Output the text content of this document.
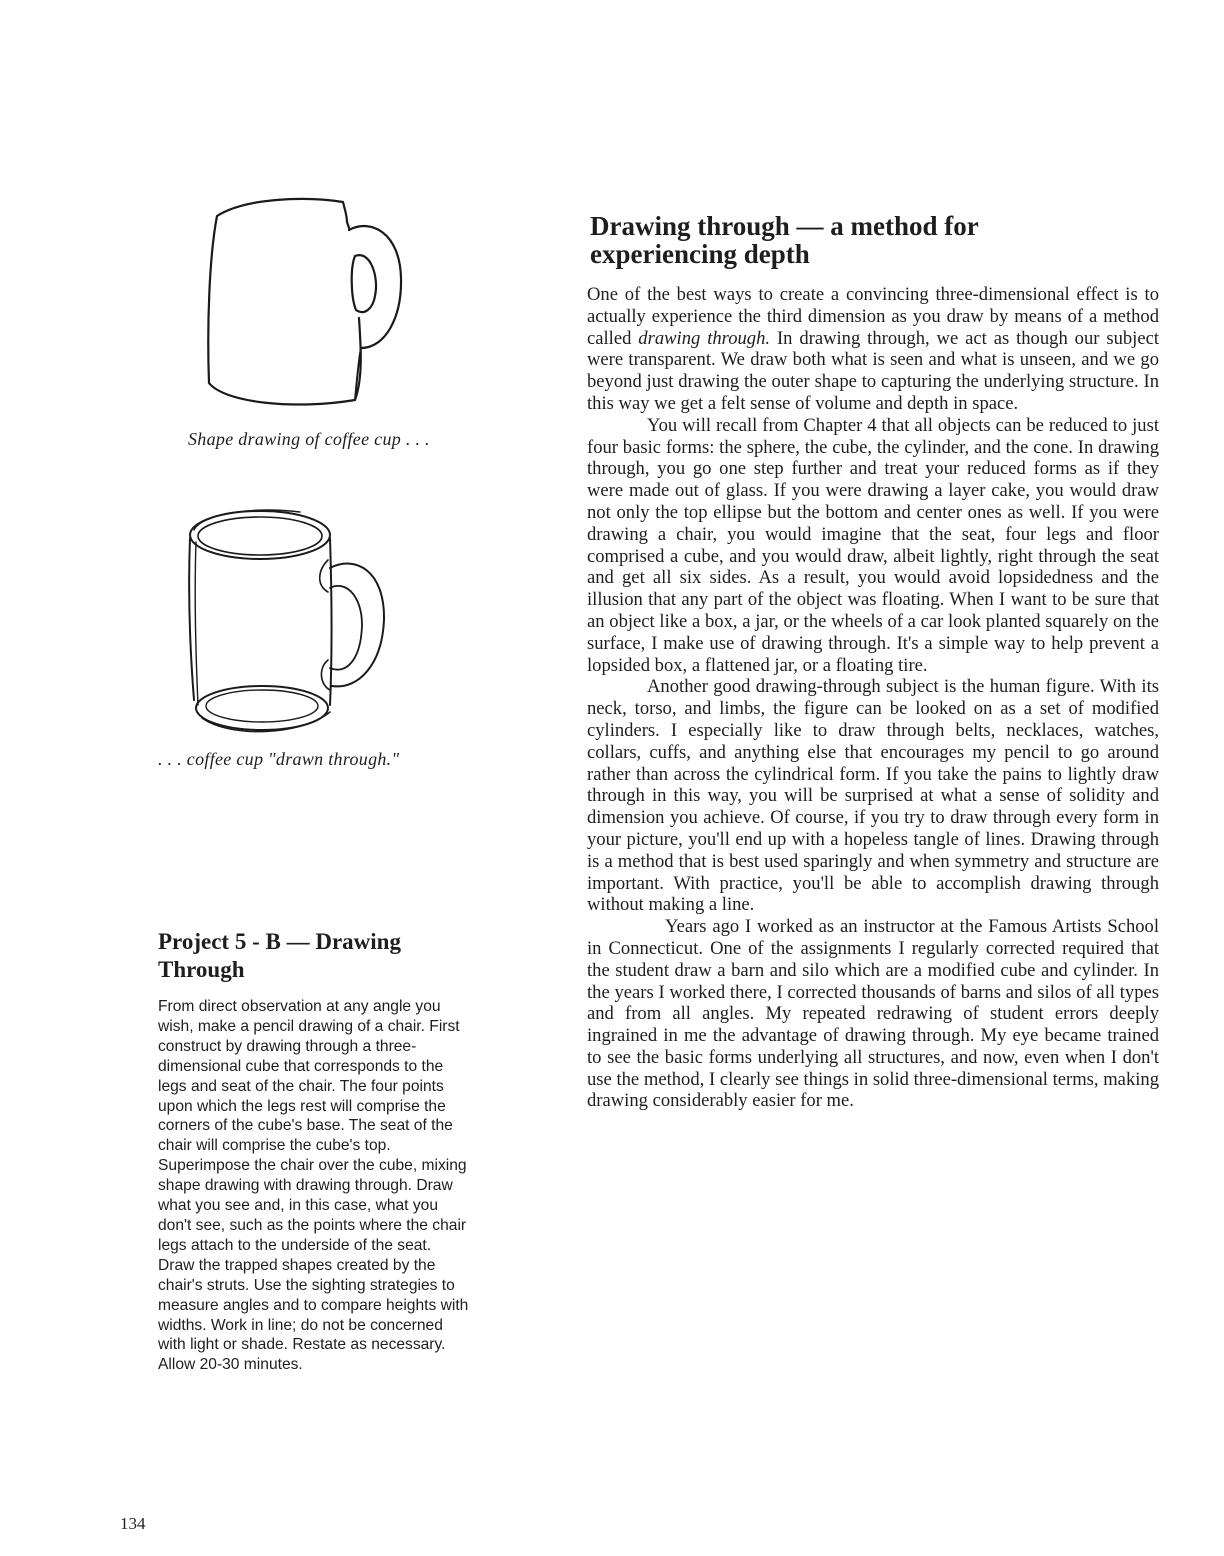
Shape drawing of coffee cup . . .
. . . coffee cup "drawn through."
Drawing through — a method for
experiencing depth

One of the best ways to create a convincing three-dimensional effect is to actually experience the third dimension as you draw by means of a method called drawing through. In drawing through, we act as though our subject were transparent. We draw both what is seen and what is unseen, and we go beyond just drawing the outer shape to capturing the underlying structure. In this way we get a felt sense of volume and depth in space.

You will recall from Chapter 4 that all objects can be reduced to just four basic forms: the sphere, the cube, the cylinder, and the cone. In drawing through, you go one step further and treat your reduced forms as if they were made out of glass. If you were drawing a layer cake, you would draw not only the top ellipse but the bottom and center ones as well. If you were drawing a chair, you would imagine that the seat, four legs and floor comprised a cube, and you would draw, albeit lightly, right through the seat and get all six sides. As a result, you would avoid lopsidedness and the illusion that any part of the object was floating. When I want to be sure that an object like a box, a jar, or the wheels of a car look planted squarely on the surface, I make use of drawing through. It's a simple way to help prevent a lopsided box, a flattened jar, or a floating tire.

Another good drawing-through subject is the human figure. With its neck, torso, and limbs, the figure can be looked on as a set of modified cylinders. I especially like to draw through belts, necklaces, watches, collars, cuffs, and anything else that encourages my pencil to go around rather than across the cylindrical form. If you take the pains to lightly draw through in this way, you will be surprised at what a sense of solidity and dimension you achieve. Of course, if you try to draw through every form in your picture, you'll end up with a hopeless tangle of lines. Drawing through is a method that is best used sparingly and when symmetry and structure are important. With practice, you'll be able to accomplish drawing through without making a line.

Years ago I worked as an instructor at the Famous Artists School in Connecticut. One of the assignments I regularly corrected required that the student draw a barn and silo which are a modified cube and cylinder. In the years I worked there, I corrected thousands of barns and silos of all types and from all angles. My repeated redrawing of student errors deeply ingrained in me the advantage of drawing through. My eye became trained to see the basic forms underlying all structures, and now, even when I don't use the method, I clearly see things in solid three-dimensional terms, making drawing considerably easier for me.

Project 5 - B — Drawing
Through

From direct observation at any angle you wish, make a pencil drawing of a chair. First construct by drawing through a three-dimensional cube that corresponds to the legs and seat of the chair. The four points upon which the legs rest will comprise the corners of the cube's base. The seat of the chair will comprise the cube's top. Superimpose the chair over the cube, mixing shape drawing with drawing through. Draw what you see and, in this case, what you don't see, such as the points where the chair legs attach to the underside of the seat. Draw the trapped shapes created by the chair's struts. Use the sighting strategies to measure angles and to compare heights with widths. Work in line; do not be concerned with light or shade. Restate as necessary. Allow 20-30 minutes.

134
